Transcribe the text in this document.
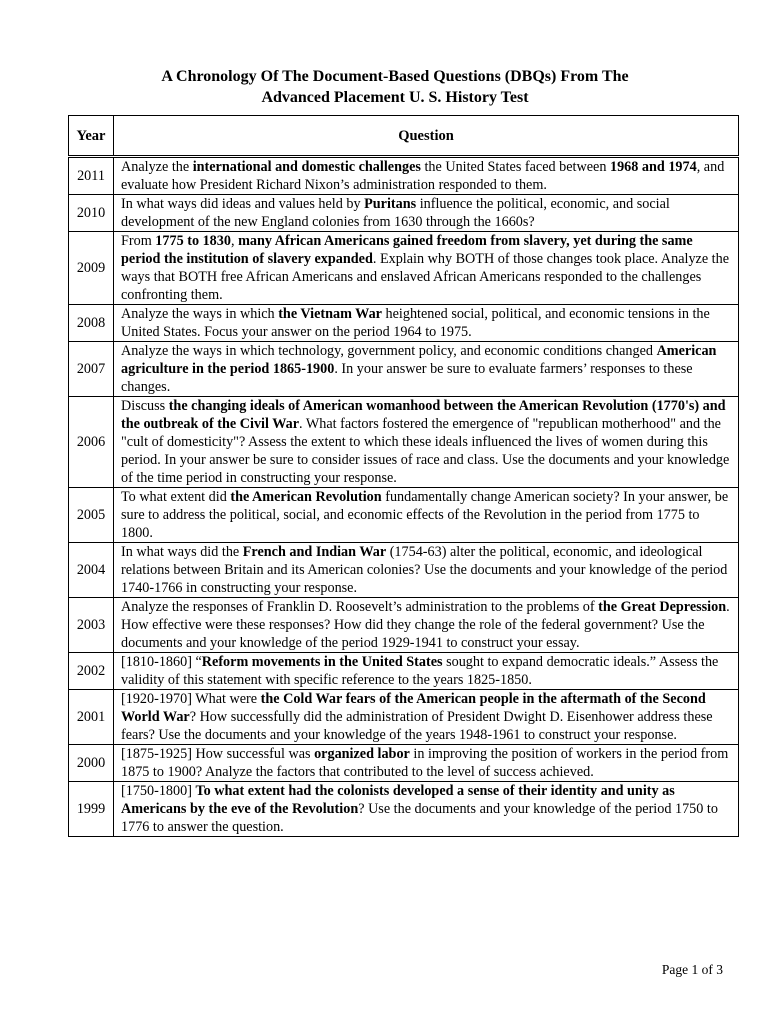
A Chronology Of The Document-Based Questions (DBQs) From The
Advanced Placement U. S. History Test
Year	Question
2011	Analyze the international and domestic challenges the United States faced between 1968 and 1974, and evaluate how President Richard Nixon’s administration responded to them.
2010	In what ways did ideas and values held by Puritans influence the political, economic, and social development of the new England colonies from 1630 through the 1660s?
2009	From 1775 to 1830, many African Americans gained freedom from slavery, yet during the same period the institution of slavery expanded. Explain why BOTH of those changes took place. Analyze the ways that BOTH free African Americans and enslaved African Americans responded to the challenges confronting them.
2008	Analyze the ways in which the Vietnam War heightened social, political, and economic tensions in the United States. Focus your answer on the period 1964 to 1975.
2007	Analyze the ways in which technology, government policy, and economic conditions changed American agriculture in the period 1865-1900. In your answer be sure to evaluate farmers’ responses to these changes.
2006	Discuss the changing ideals of American womanhood between the American Revolution (1770's) and the outbreak of the Civil War. What factors fostered the emergence of "republican motherhood" and the "cult of domesticity"? Assess the extent to which these ideals influenced the lives of women during this period. In your answer be sure to consider issues of race and class. Use the documents and your knowledge of the time period in constructing your response.
2005	To what extent did the American Revolution fundamentally change American society? In your answer, be sure to address the political, social, and economic effects of the Revolution in the period from 1775 to 1800.
2004	In what ways did the French and Indian War (1754-63) alter the political, economic, and ideological relations between Britain and its American colonies? Use the documents and your knowledge of the period 1740-1766 in constructing your response.
2003	Analyze the responses of Franklin D. Roosevelt’s administration to the problems of the Great Depression. How effective were these responses? How did they change the role of the federal government? Use the documents and your knowledge of the period 1929-1941 to construct your essay.
2002	[1810-1860] “Reform movements in the United States sought to expand democratic ideals.” Assess the validity of this statement with specific reference to the years 1825-1850.
2001	[1920-1970] What were the Cold War fears of the American people in the aftermath of the Second World War? How successfully did the administration of President Dwight D. Eisenhower address these fears? Use the documents and your knowledge of the years 1948-1961 to construct your response.
2000	[1875-1925] How successful was organized labor in improving the position of workers in the period from 1875 to 1900? Analyze the factors that contributed to the level of success achieved.
1999	[1750-1800] To what extent had the colonists developed a sense of their identity and unity as Americans by the eve of the Revolution? Use the documents and your knowledge of the period 1750 to 1776 to answer the question.
Page 1 of 3
